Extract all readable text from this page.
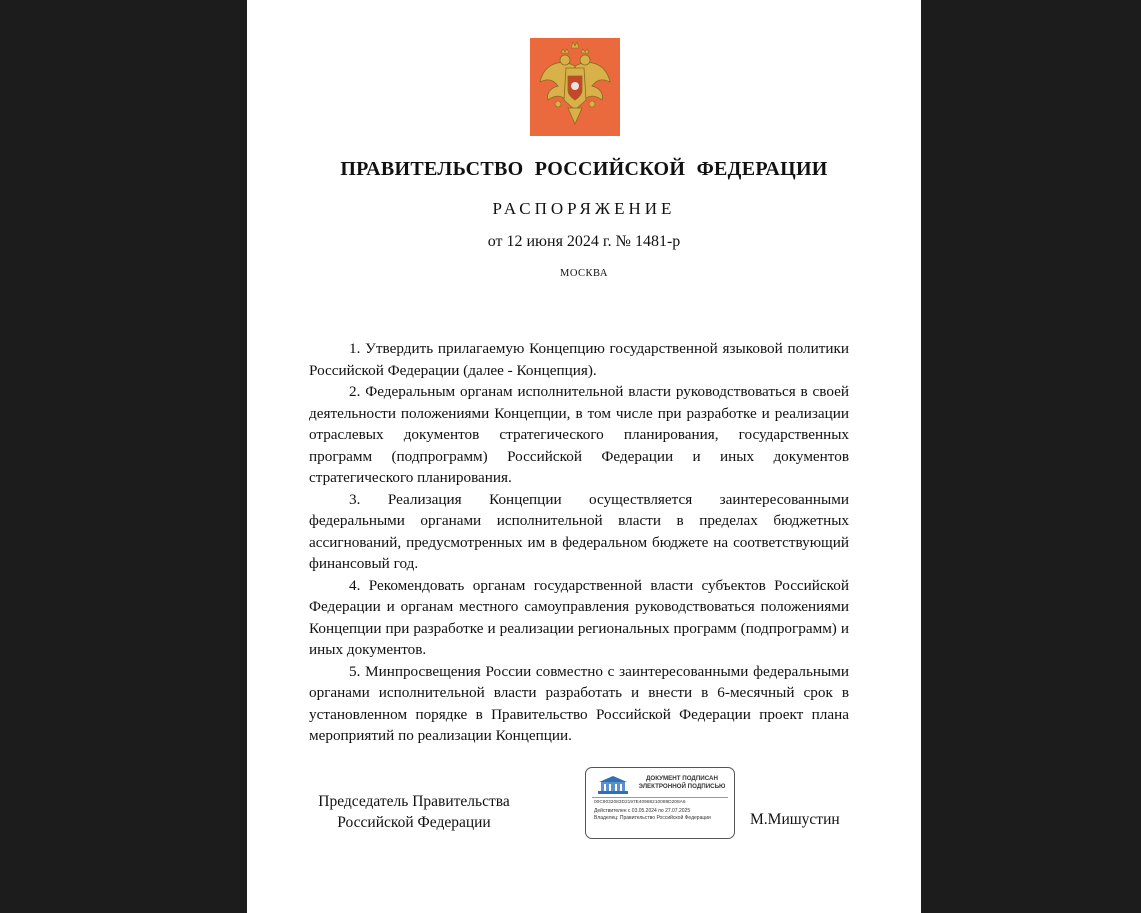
ПРАВИТЕЛЬСТВО РОССИЙСКОЙ ФЕДЕРАЦИИ
РАСПОРЯЖЕНИЕ
от 12 июня 2024 г. № 1481-р
МОСКВА

1. Утвердить прилагаемую Концепцию государственной языковой политики Российской Федерации (далее - Концепция).

2. Федеральным органам исполнительной власти руководствоваться в своей деятельности положениями Концепции, в том числе при разработке и реализации отраслевых документов стратегического планирования, государственных программ (подпрограмм) Российской Федерации и иных документов стратегического планирования.

3. Реализация Концепции осуществляется заинтересованными федеральными органами исполнительной власти в пределах бюджетных ассигнований, предусмотренных им в федеральном бюджете на соответствующий финансовый год.

4. Рекомендовать органам государственной власти субъектов Российской Федерации и органам местного самоуправления руководствоваться положениями Концепции при разработке и реализации региональных программ (подпрограмм) и иных документов.

5. Минпросвещения России совместно с заинтересованными федеральными органами исполнительной власти разработать и внести в 6-месячный срок в установленном порядке в Правительство Российской Федерации проект плана мероприятий по реализации Концепции.

Председатель Правительства
Российской Федерации
ДОКУМЕНТ ПОДПИСАН ЭЛЕКТРОННОЙ ПОДПИСЬЮ
00C9032083D2197E40988210089D208A6
Действителен с 03.05.2024 по 27.07.2025
Владелец: Правительство Российской Федерации	М.Мишустин
